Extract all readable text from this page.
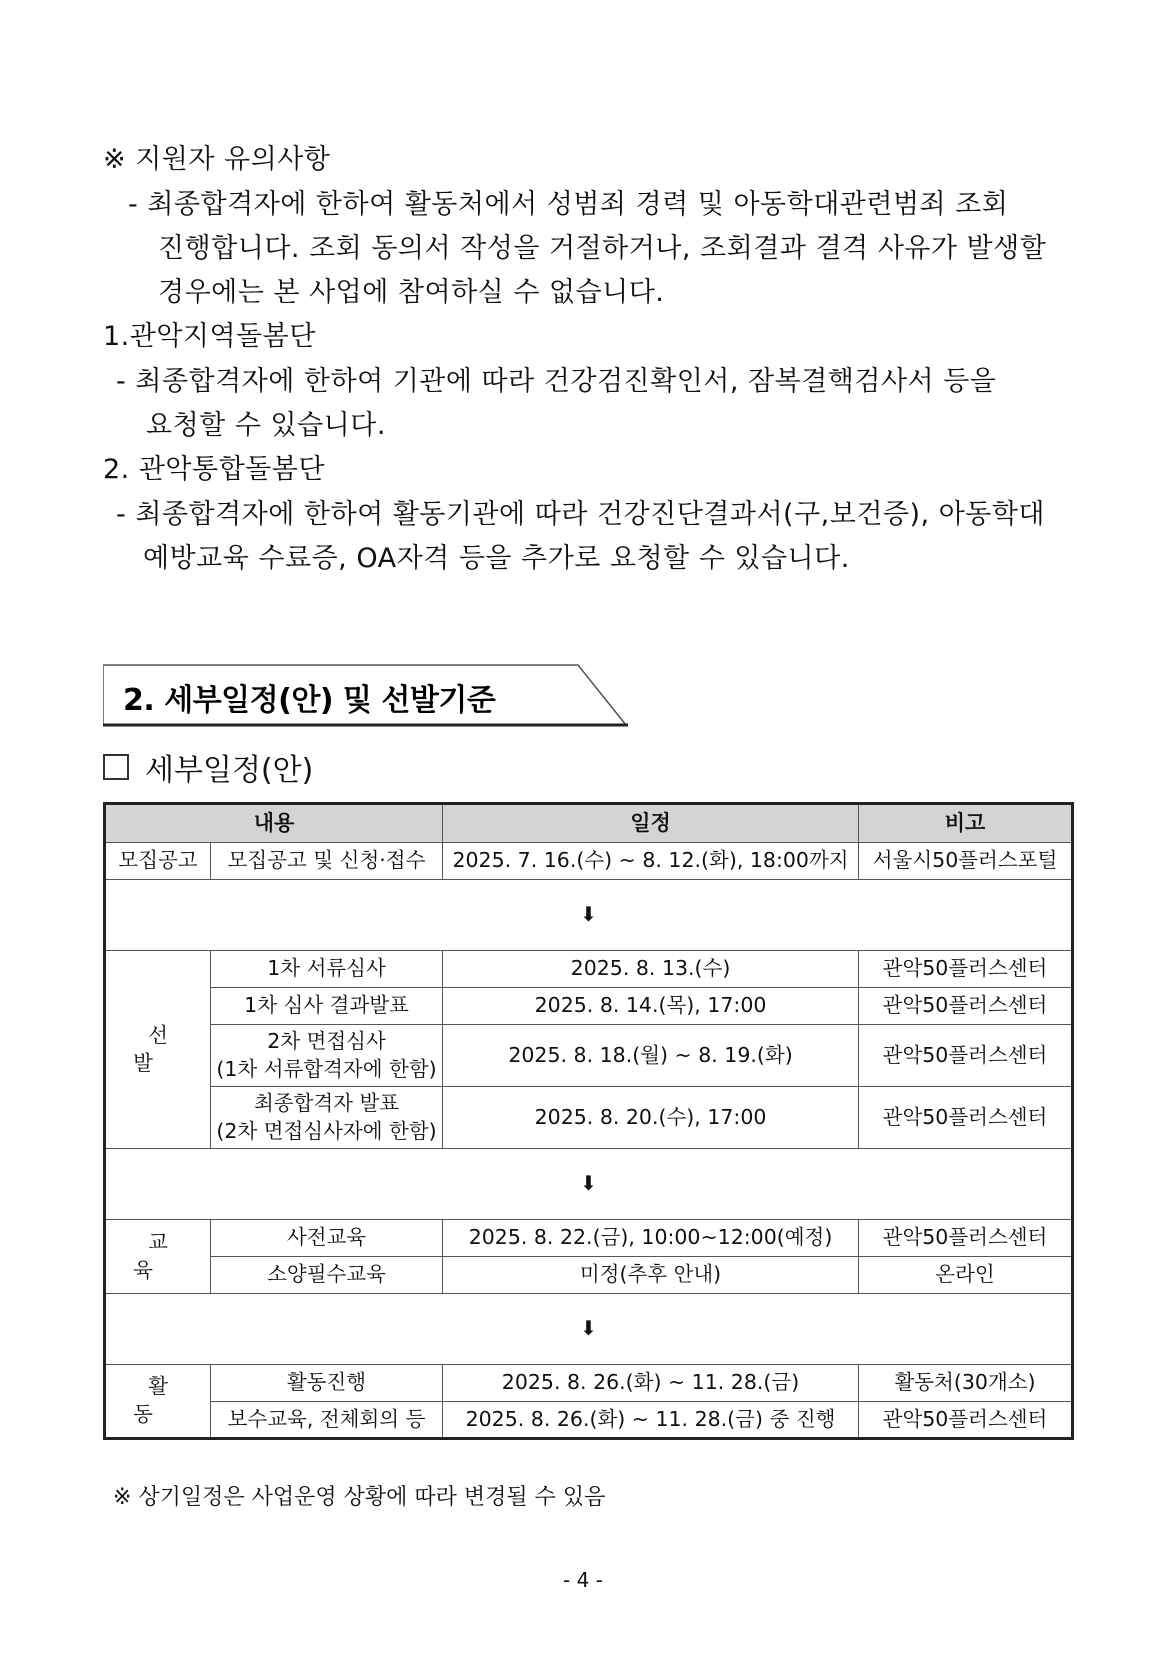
※ 지원자 유의사항
- 최종합격자에 한하여 활동처에서 성범죄 경력 및 아동학대관련범죄 조회
진행합니다. 조회 동의서 작성을 거절하거나, 조회결과 결격 사유가 발생할
경우에는 본 사업에 참여하실 수 없습니다.
1.관악지역돌봄단
- 최종합격자에 한하여 기관에 따라 건강검진확인서, 잠복결핵검사서 등을
요청할 수 있습니다.
2. 관악통합돌봄단
- 최종합격자에 한하여 활동기관에 따라 건강진단결과서(구,보건증), 아동학대
예방교육 수료증, OA자격 등을 추가로 요청할 수 있습니다.
2. 세부일정(안) 및 선발기준
세부일정(안)
내용		일정	비고
모집공고	모집공고 및 신청·접수	2025. 7. 16.(수) ~ 8. 12.(화), 18:00까지	서울시50플러스포털
⬇			
선 발	1차 서류심사	2025. 8. 13.(수)	관악50플러스센터
	1차 심사 결과발표	2025. 8. 14.(목), 17:00	관악50플러스센터

	2차 면접심사
(1차 서류합격자에 한함)	2025. 8. 18.(월) ~ 8. 19.(화)	관악50플러스센터

	최종합격자 발표
(2차 면접심사자에 한함)	2025. 8. 20.(수), 17:00	관악50플러스센터
⬇			
교 육	사전교육	2025. 8. 22.(금), 10:00~12:00(예정)	관악50플러스센터
	소양필수교육	미정(추후 안내)	온라인
⬇			
활 동	활동진행	2025. 8. 26.(화) ~ 11. 28.(금)	활동처(30개소)
	보수교육, 전체회의 등	2025. 8. 26.(화) ~ 11. 28.(금) 중 진행	관악50플러스센터
※ 상기일정은 사업운영 상황에 따라 변경될 수 있음
- 4 -
